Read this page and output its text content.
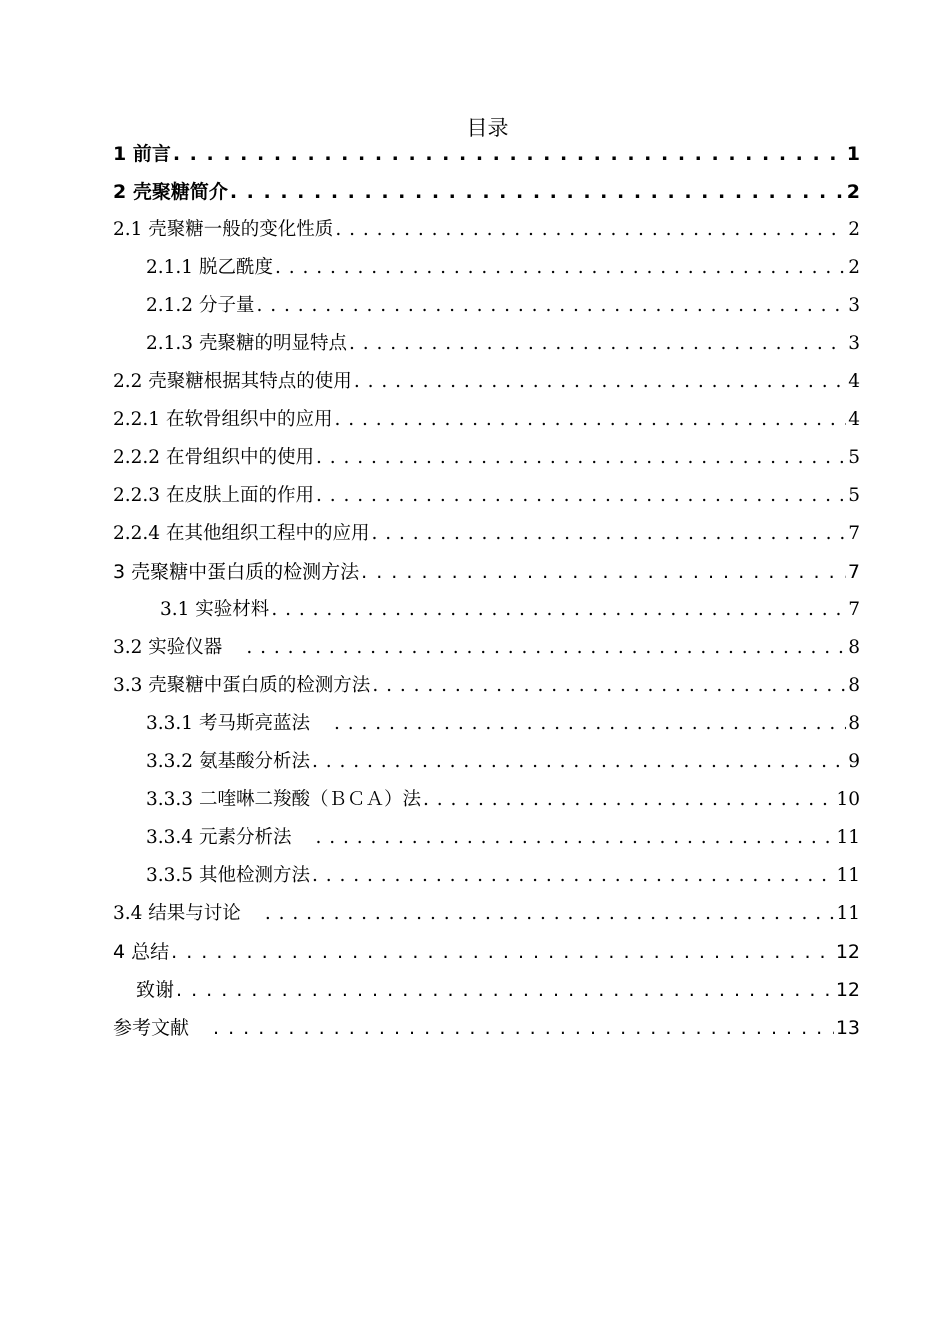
目录
1 前言 . . .	1
2 壳聚糖简介 . . .	2
2.1 壳聚糖一般的变化性质 . . .	2
2.1.1 脱乙酰度 . . .	2
2.1.2 分子量 . . .	3
2.1.3 壳聚糖的明显特点 . . .	3
2.2 壳聚糖根据其特点的使用 . . .	4
2.2.1 在软骨组织中的应用 . . .	4
2.2.2 在骨组织中的使用 . . .	5
2.2.3 在皮肤上面的作用 . . .	5
2.2.4 在其他组织工程中的应用 . . .	7
3 壳聚糖中蛋白质的检测方法 . . .	7
3.1 实验材料 . . .	7
3.2 实验仪器 . . .	8
3.3 壳聚糖中蛋白质的检测方法 . . .	8
3.3.1 考马斯亮蓝法 . . .	8
3.3.2 氨基酸分析法 . . .	9
3.3.3 二喹啉二羧酸（ＢＣＡ）法 . . .	10
3.3.4 元素分析法 . . .	11
3.3.5 其他检测方法 . . .	11
3.4 结果与讨论 . . .	11
4 总结 . . .	12
致谢 . . .	12
参考文献 . . .	13
